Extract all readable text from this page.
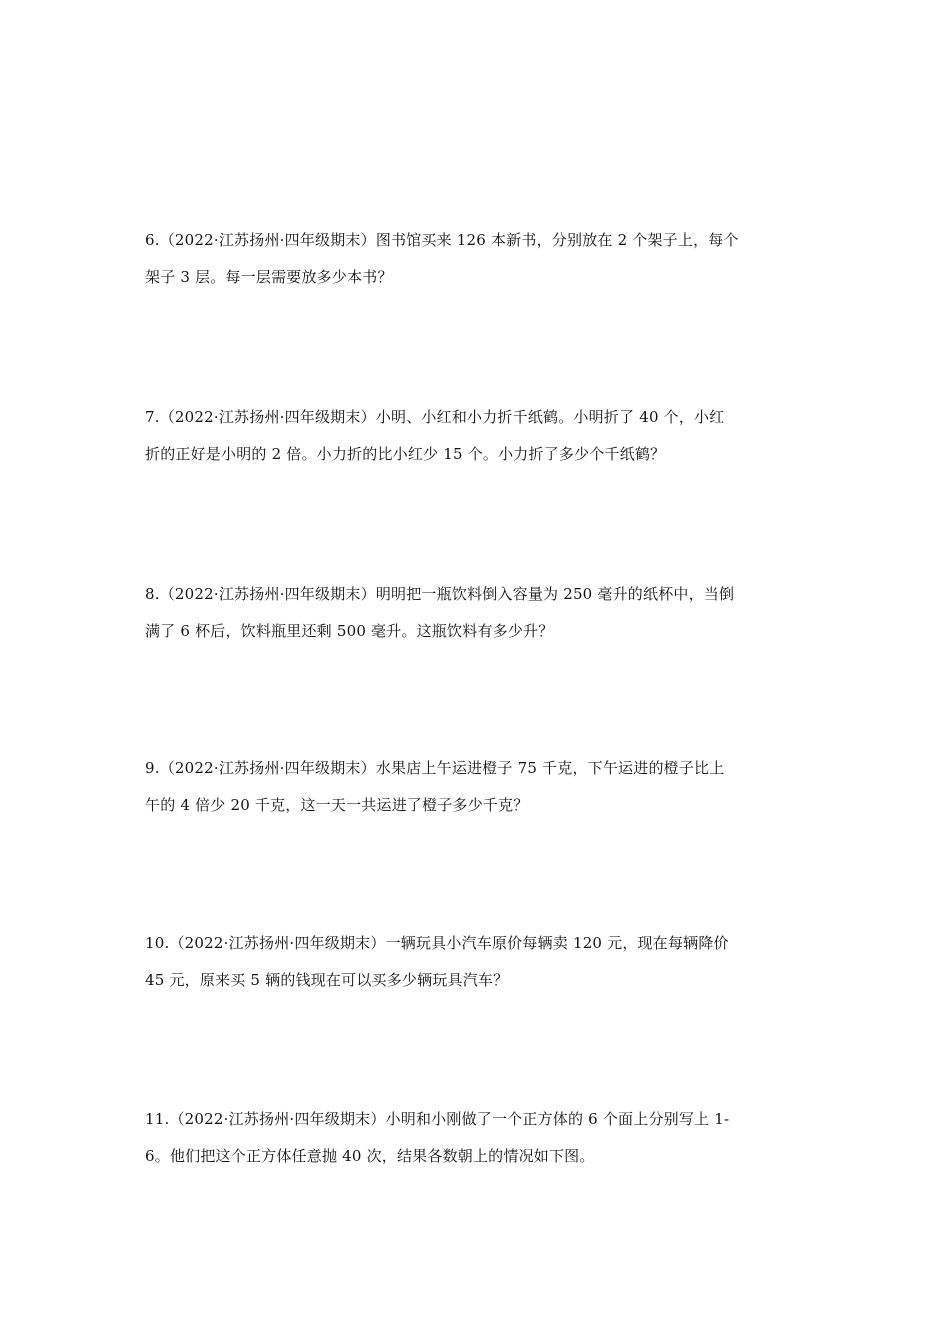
6.（2022·江苏扬州·四年级期末）图书馆买来 126 本新书，分别放在 2 个架子上，每个
架子 3 层。每一层需要放多少本书？
7.（2022·江苏扬州·四年级期末）小明、小红和小力折千纸鹤。小明折了 40 个，小红
折的正好是小明的 2 倍。小力折的比小红少 15 个。小力折了多少个千纸鹤？
8.（2022·江苏扬州·四年级期末）明明把一瓶饮料倒入容量为 250 毫升的纸杯中，当倒
满了 6 杯后，饮料瓶里还剩 500 毫升。这瓶饮料有多少升？
9.（2022·江苏扬州·四年级期末）水果店上午运进橙子 75 千克，下午运进的橙子比上
午的 4 倍少 20 千克，这一天一共运进了橙子多少千克？
10.（2022·江苏扬州·四年级期末）一辆玩具小汽车原价每辆卖 120 元，现在每辆降价
45 元，原来买 5 辆的钱现在可以买多少辆玩具汽车？
11.（2022·江苏扬州·四年级期末）小明和小刚做了一个正方体的 6 个面上分别写上 1-
6。他们把这个正方体任意抛 40 次，结果各数朝上的情况如下图。
